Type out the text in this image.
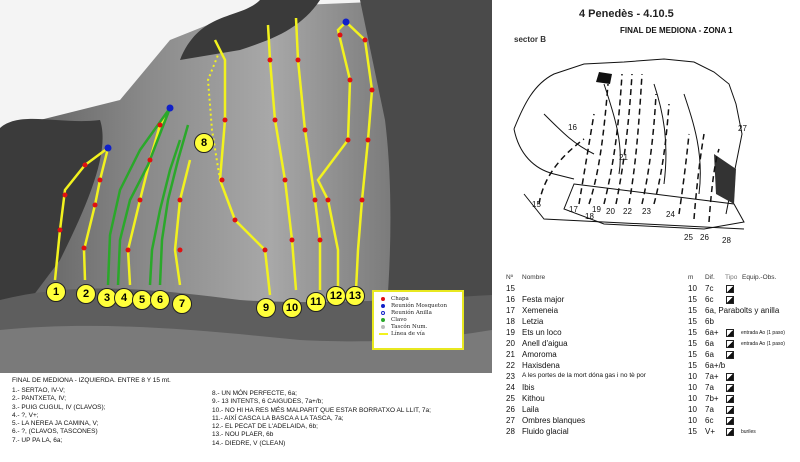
1	2	3 4	5	6	7
8
9	10	11 12 13	Chapa
Reunión Mosqueton
Reunión Anilla
Clavo
Tascón Num.
Línea de vía
FINAL DE MEDIONA - IZQUIERDA. ENTRE 8 Y 15 mt.
1.- SERTAO, IV-V;
2.- PANTXETA, IV;
3.- PUIG CUGUL, IV (CLAVOS);
4.- ?, V+;
5.- LA NEREA JA CAMINA, V;
6.- ?, (CLAVOS, TASCONES)
7.- UP PA LA, 6a;
8.- UN MÓN PERFECTE, 6a;
9.- 13 INTENTS, 6 CAIGUDES, 7a+/b;
10.- NO HI HA RES MÉS MALPARIT QUE ESTAR BORRATXO AL LLIT, 7a;
11.- AIXÍ CASCA LA BASCA A LA TASCA, 7a;
12.- EL PECAT DE L'ADELAIDA, 6b;
13.- NOU PLAER, 6b
14.- DIEDRE, V (CLEAN)
4 Penedès - 4.10.5
FINAL DE MEDIONA - ZONA 1
sector B
15
16
17
18
19 20
21
22 23 24
25 26
27
28
Nº Nombre	m Dif. Tipo Equip.-Obs.
15	10 7c
16 Festa major	15 6c
17 Xemeneia	15 6a, Parabolts y anilla
18 Letzia	15 6b
19 Ets un loco	15 6a+	entrada Ao (1 paso)
20 Anell d'aigua	15 6a	entrada Ao (1 paso)
21 Amoroma	15 6a
22 Haxisdena	15 6a+/b
23 A les portes de la mort dóna gas i no tè por	10 7a+
24 Ibis	10 7a
25 Kithou	10 7b+
26 Laila	10 7a
27 Ombres blanques	10 6c
28 Fluido glacial	15 V+	buriles
